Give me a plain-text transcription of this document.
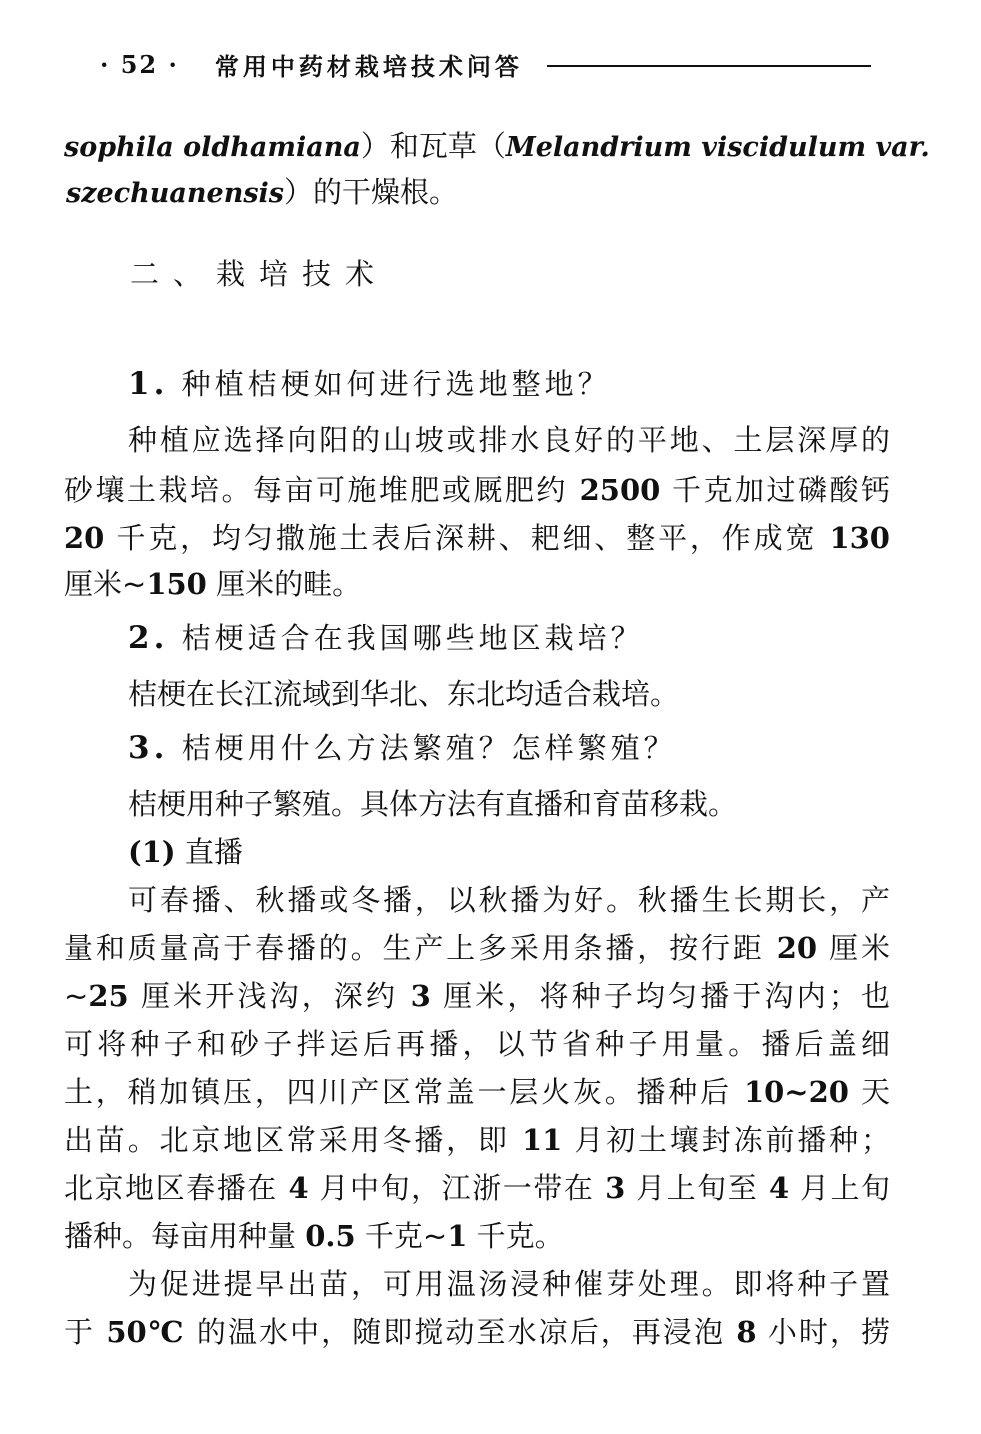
· 52 · 常用中药材栽培技术问答
sophila oldhamiana）和瓦草（Melandrium viscidulum var.
szechuanensis）的干燥根。
二、栽培技术
1. 种植桔梗如何进行选地整地？
种植应选择向阳的山坡或排水良好的平地、土层深厚的
砂壤土栽培。每亩可施堆肥或厩肥约 2500 千克加过磷酸钙
20 千克，均匀撒施土表后深耕、耙细、整平，作成宽 130
厘米~150 厘米的畦。
2. 桔梗适合在我国哪些地区栽培？
桔梗在长江流域到华北、东北均适合栽培。
3. 桔梗用什么方法繁殖？怎样繁殖？
桔梗用种子繁殖。具体方法有直播和育苗移栽。
(1) 直播
可春播、秋播或冬播，以秋播为好。秋播生长期长，产
量和质量高于春播的。生产上多采用条播，按行距 20 厘米
~25 厘米开浅沟，深约 3 厘米，将种子均匀播于沟内；也
可将种子和砂子拌运后再播，以节省种子用量。播后盖细
土，稍加镇压，四川产区常盖一层火灰。播种后 10~20 天
出苗。北京地区常采用冬播，即 11 月初土壤封冻前播种；
北京地区春播在 4 月中旬，江浙一带在 3 月上旬至 4 月上旬
播种。每亩用种量 0.5 千克~1 千克。
为促进提早出苗，可用温汤浸种催芽处理。即将种子置
于 50℃ 的温水中，随即搅动至水凉后，再浸泡 8 小时，捞
